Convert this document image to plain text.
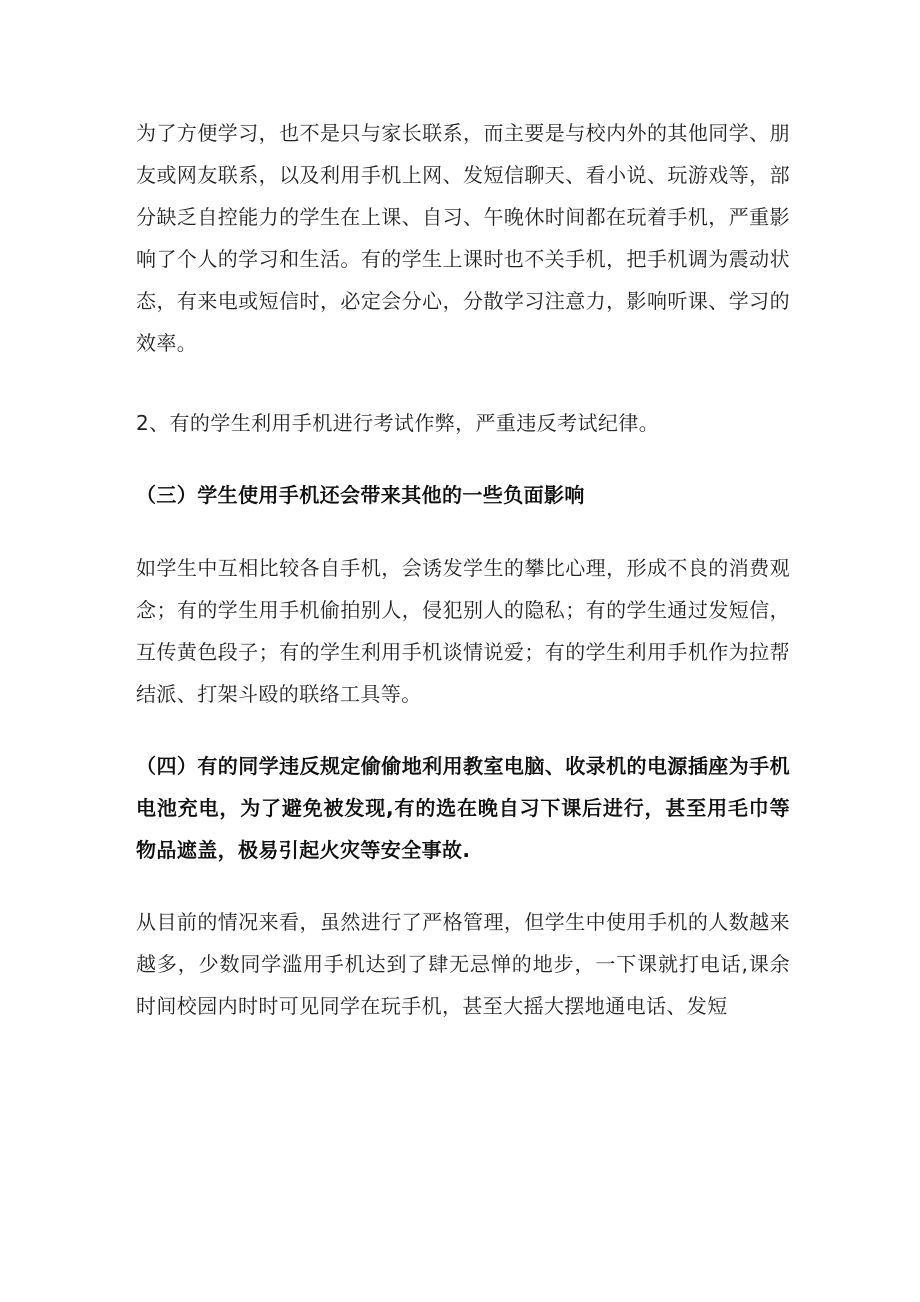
为了方便学习，也不是只与家长联系，而主要是与校内外的其他同学、朋友或网友联系，以及利用手机上网、发短信聊天、看小说、玩游戏等，部分缺乏自控能力的学生在上课、自习、午晚休时间都在玩着手机，严重影响了个人的学习和生活。有的学生上课时也不关手机，把手机调为震动状态，有来电或短信时，必定会分心，分散学习注意力，影响听课、学习的效率。

2、有的学生利用手机进行考试作弊，严重违反考试纪律。

（三）学生使用手机还会带来其他的一些负面影响

如学生中互相比较各自手机，会诱发学生的攀比心理，形成不良的消费观念；有的学生用手机偷拍别人，侵犯别人的隐私；有的学生通过发短信，互传黄色段子；有的学生利用手机谈情说爱；有的学生利用手机作为拉帮结派、打架斗殴的联络工具等。

（四）有的同学违反规定偷偷地利用教室电脑、收录机的电源插座为手机电池充电，为了避免被发现,有的选在晚自习下课后进行，甚至用毛巾等物品遮盖，极易引起火灾等安全事故.

从目前的情况来看，虽然进行了严格管理，但学生中使用手机的人数越来越多，少数同学滥用手机达到了肆无忌惮的地步，一下课就打电话,课余时间校园内时时可见同学在玩手机，甚至大摇大摆地通电话、发短
